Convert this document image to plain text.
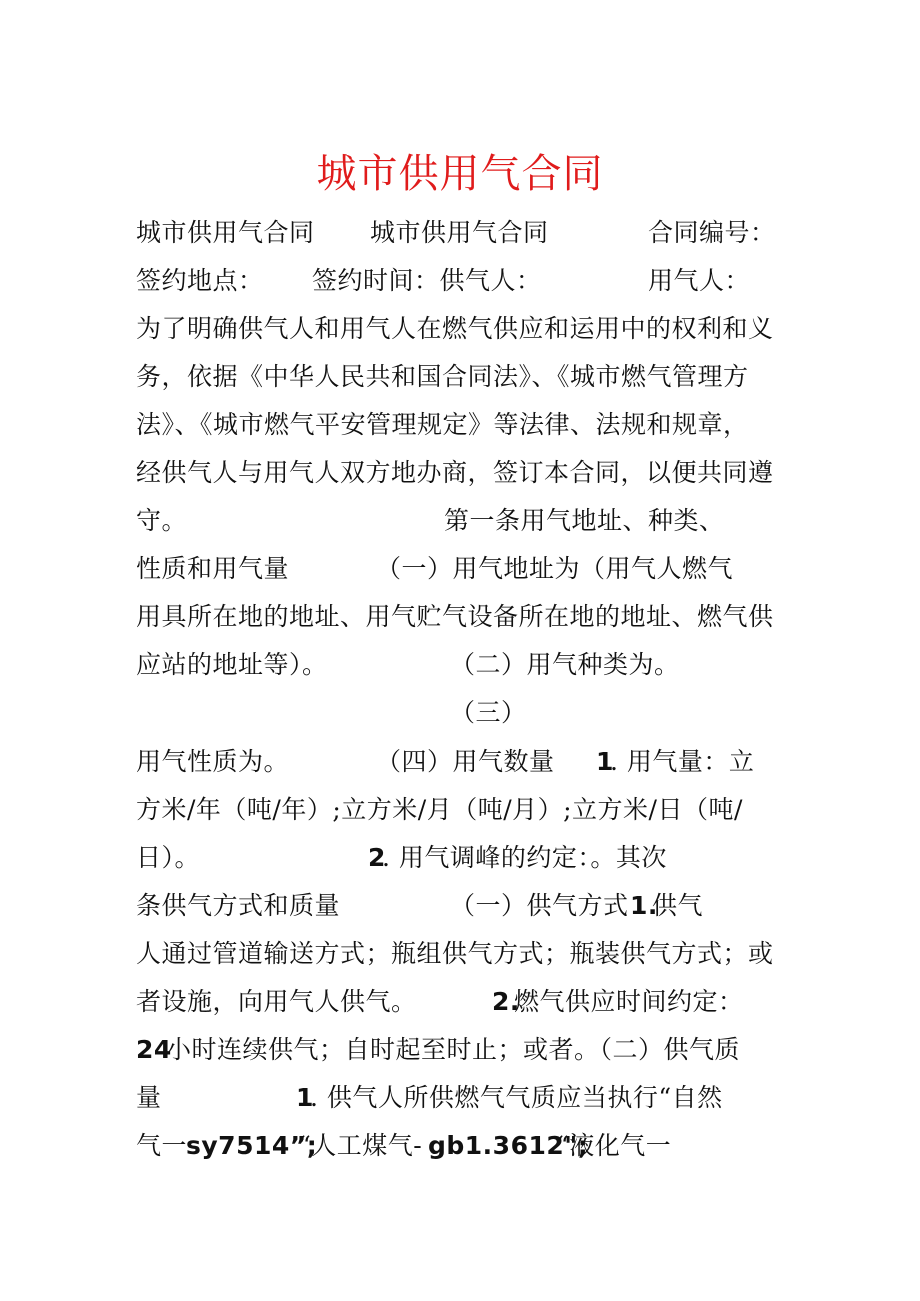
城市供用气合同
城市供用气合同 城市供用气合同	合同编号：
签约地点： 签约时间：供气人：	用气人：
为了明确供气人和用气人在燃气供应和运用中的权利和义
务，依据《中华人民共和国合同法》、《城市燃气管理方
法》、《城市燃气平安管理规定》等法律、法规和规章，
经供气人与用气人双方地办商，签订本合同，以便共同遵
守。	第一条用气地址、种类、
性质和用气量	（一）用气地址为（用气人燃气
用具所在地的地址、用气贮气设备所在地的地址、燃气供
应站的地址等）。	（二）用气种类为。
（三）
用气性质为。	（四）用气数量 1
. 用气量：立
方米/年（吨/年）;立方米/月（吨/月）;立方米/日（吨/
日）。	2
. 用气调峰的约定：。其次
条供气方式和质量	（一）供气方式 1.
供气
人通过管道输送方式；瓶组供气方式；瓶装供气方式；或
者设施，向用气人供气。	2.
燃气供应时间约定：
24
小时连续供气；自时起至时止；或者。（二）供气质
量	1
. 供气人所供燃气气质应当执行“自然
气一
sy7514”;
“人工煤气- gb1.3612";
“液化气一
